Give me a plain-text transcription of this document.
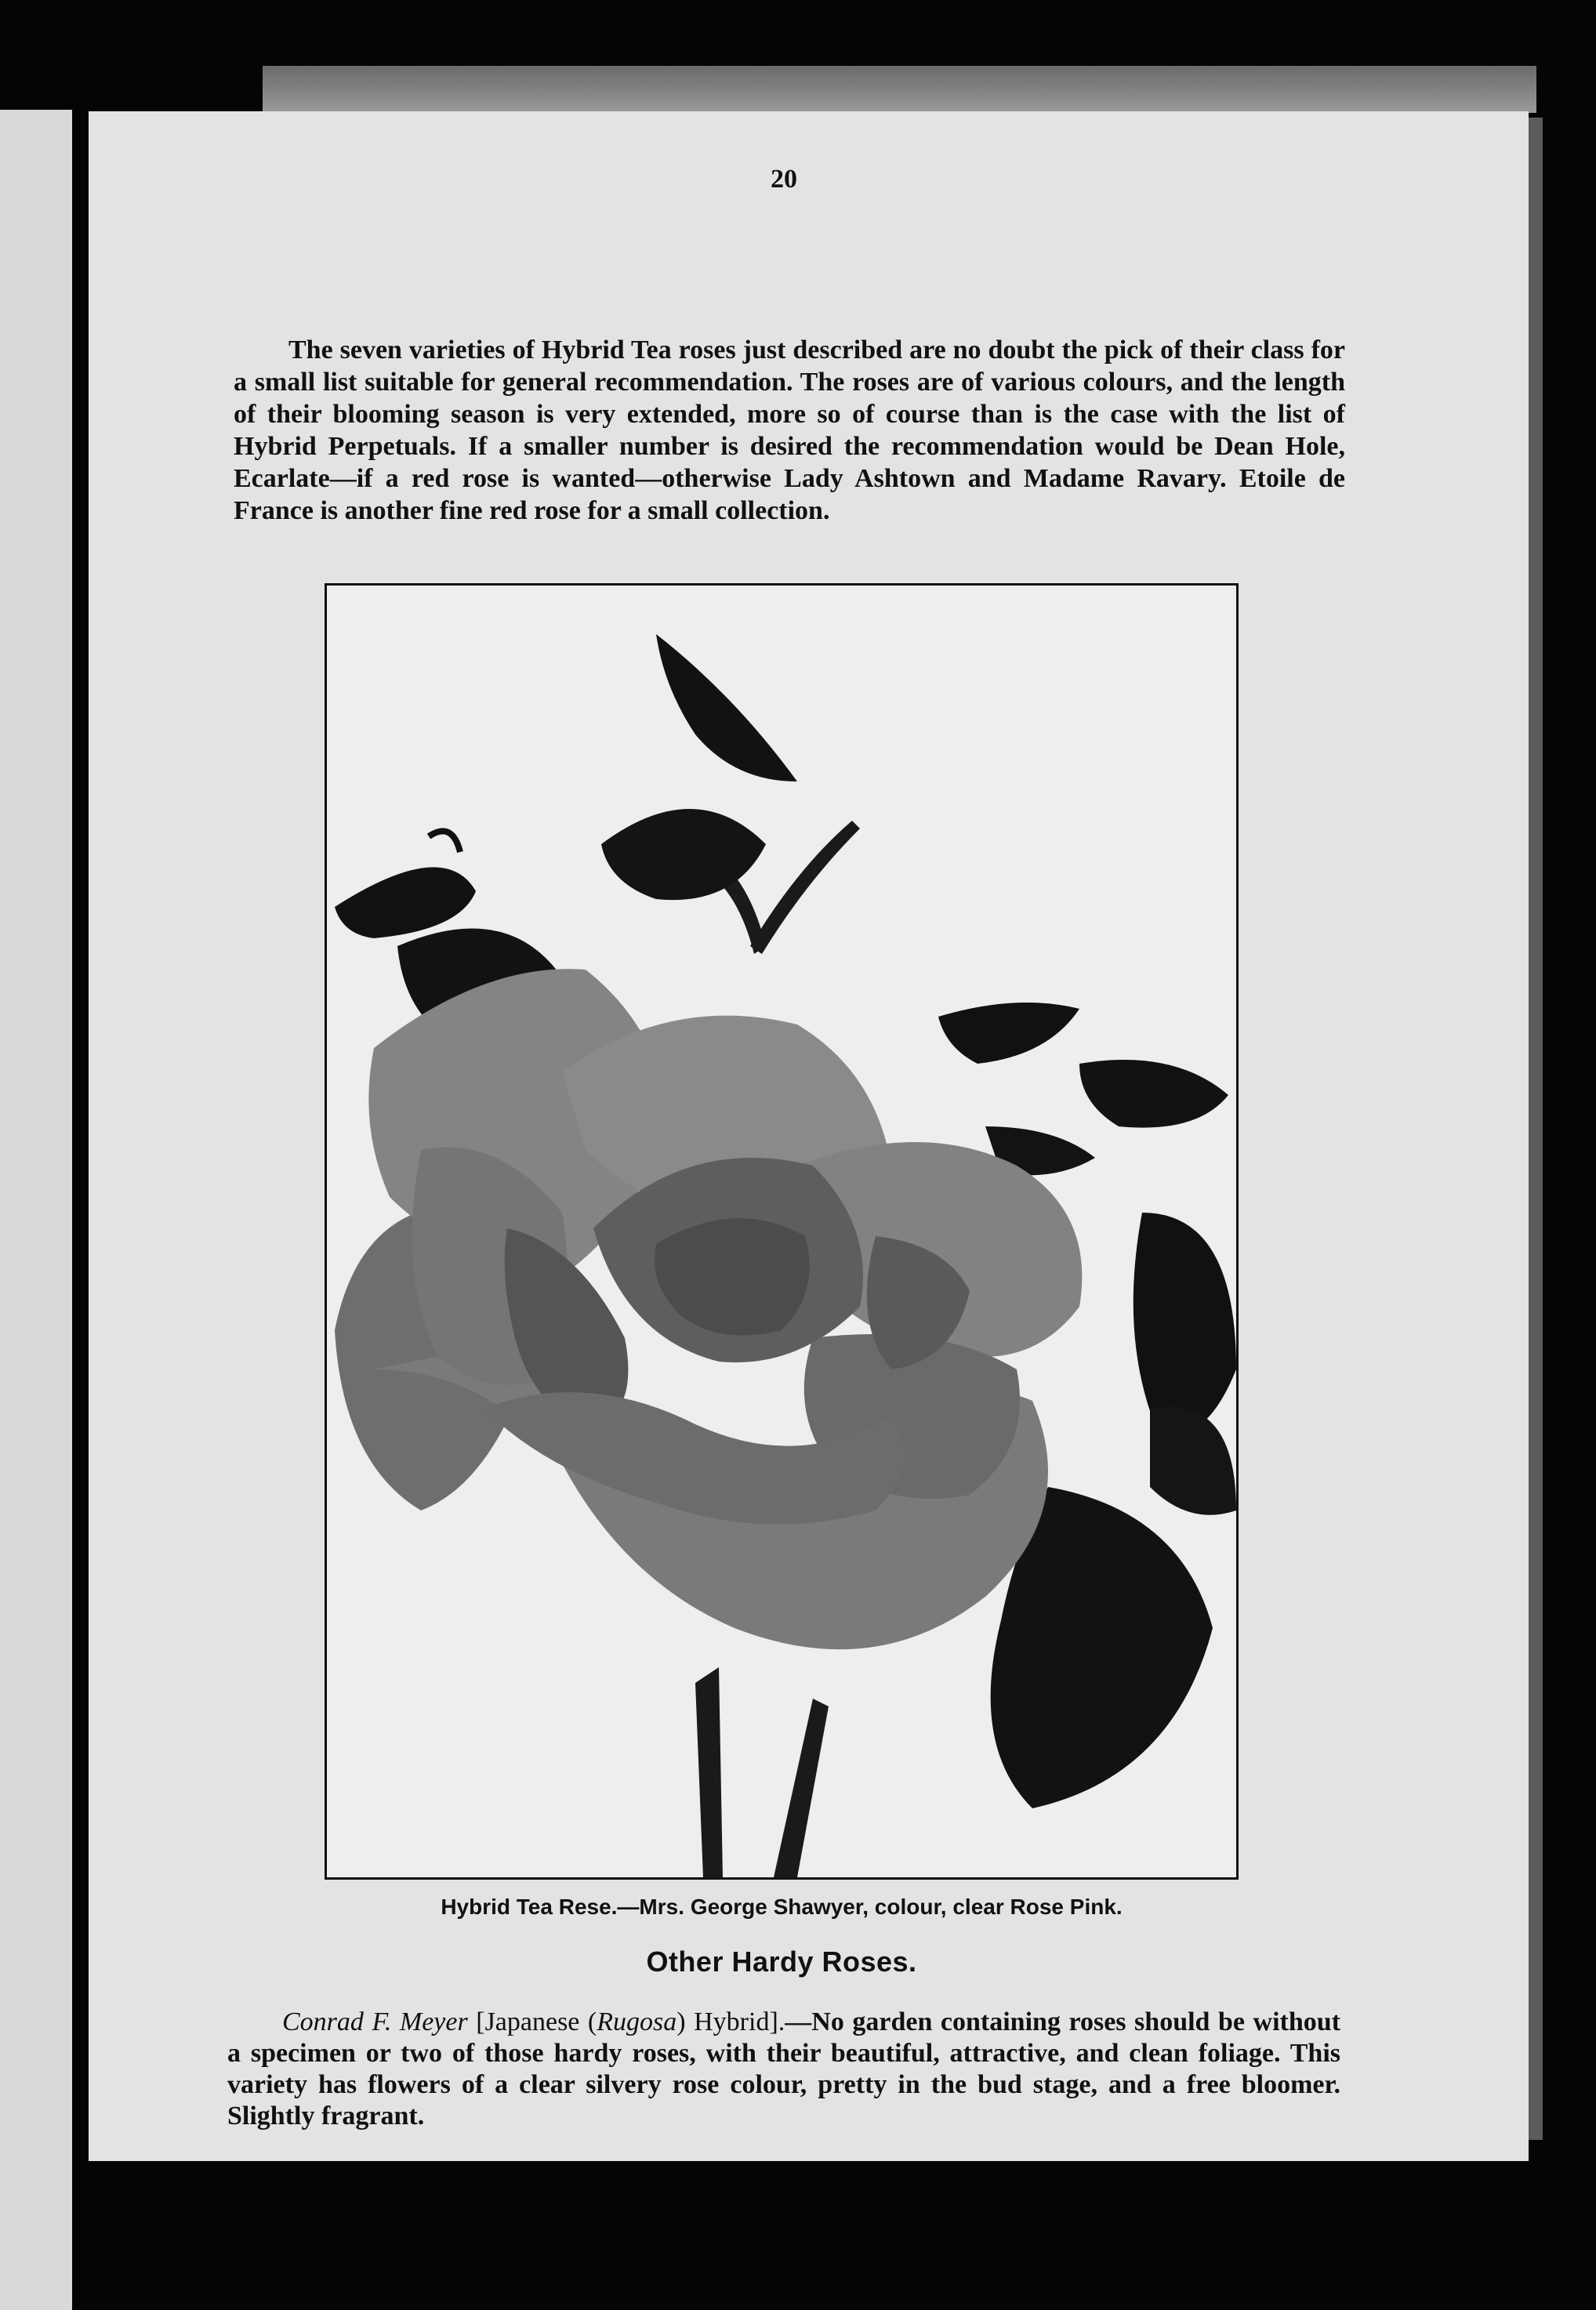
20

The seven varieties of Hybrid Tea roses just described are no doubt the pick of their class for a small list suitable for general recommendation. The roses are of various colours, and the length of their blooming season is very extended, more so of course than is the case with the list of Hybrid Perpetuals. If a smaller number is desired the recommendation would be Dean Hole, Ecarlate—if a red rose is wanted—otherwise Lady Ashtown and Madame Ravary. Etoile de France is another fine red rose for a small collection.

Hybrid Tea Rese.—Mrs. George Shawyer, colour, clear Rose Pink.
Other Hardy Roses.

Conrad F. Meyer [Japanese (Rugosa) Hybrid].—No garden containing roses should be without a specimen or two of those hardy roses, with their beautiful, attractive, and clean foliage. This variety has flowers of a clear silvery rose colour, pretty in the bud stage, and a free bloomer. Slightly fragrant.
